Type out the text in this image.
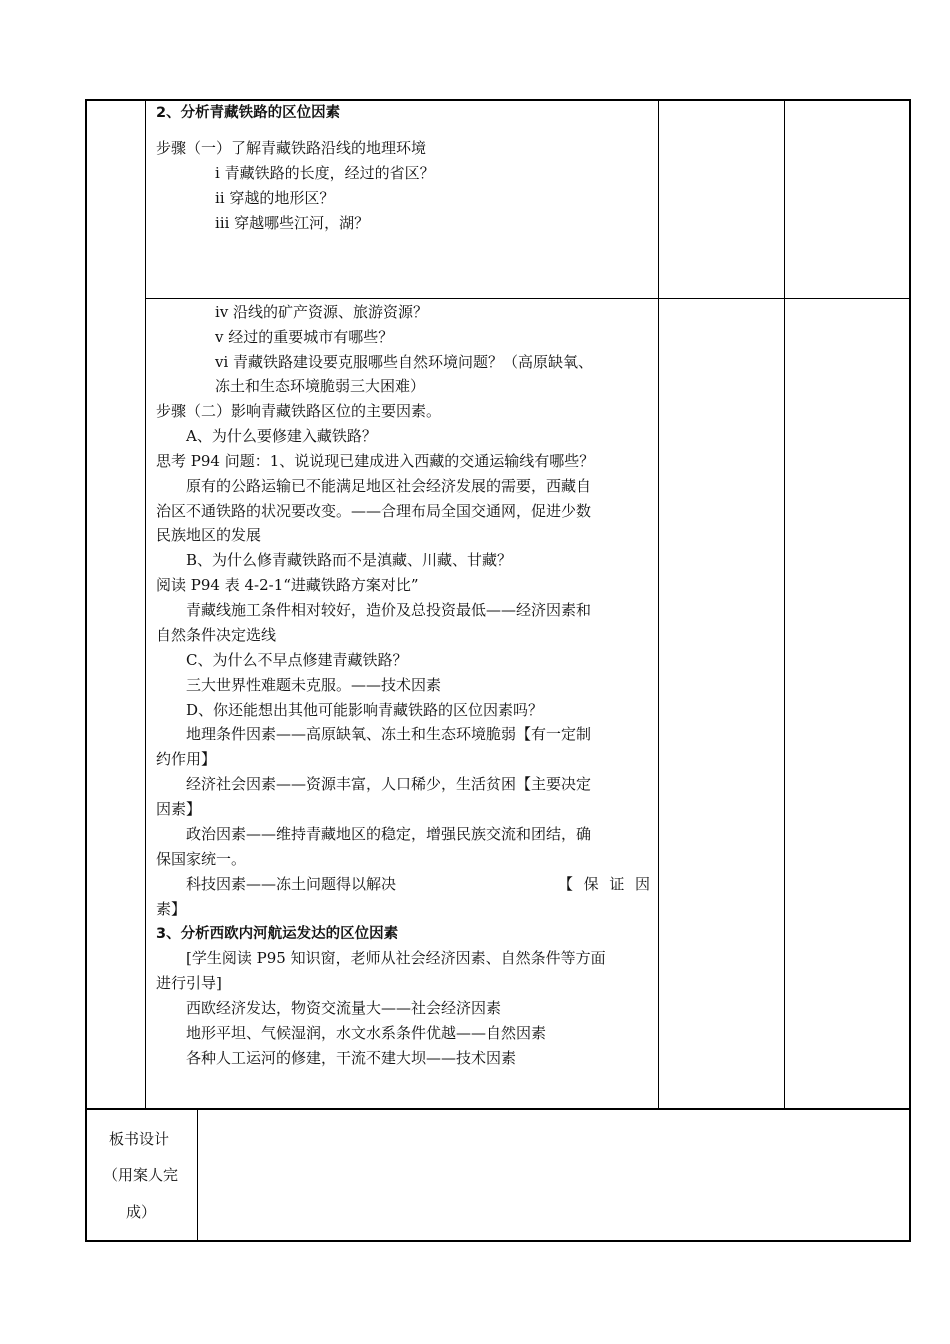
2、分析青藏铁路的区位因素
步骤（一）了解青藏铁路沿线的地理环境
ⅰ 青藏铁路的长度，经过的省区？
ⅱ 穿越的地形区？
ⅲ 穿越哪些江河，湖？
ⅳ 沿线的矿产资源、旅游资源？
ⅴ 经过的重要城市有哪些？
ⅵ 青藏铁路建设要克服哪些自然环境问题？（高原缺氧、
冻土和生态环境脆弱三大困难）
步骤（二）影响青藏铁路区位的主要因素。
A、为什么要修建入藏铁路？
思考 P94 问题：1、说说现已建成进入西藏的交通运输线有哪些？
原有的公路运输已不能满足地区社会经济发展的需要，西藏自
治区不通铁路的状况要改变。——合理布局全国交通网，促进少数
民族地区的发展
B、为什么修青藏铁路而不是滇藏、川藏、甘藏？
阅读 P94 表 4-2-1“进藏铁路方案对比”
青藏线施工条件相对较好，造价及总投资最低——经济因素和
自然条件决定选线
C、为什么不早点修建青藏铁路？
三大世界性难题未克服。——技术因素
D、你还能想出其他可能影响青藏铁路的区位因素吗？
地理条件因素——高原缺氧、冻土和生态环境脆弱【有一定制
约作用】
经济社会因素——资源丰富，人口稀少，生活贫困【主要决定
因素】
政治因素——维持青藏地区的稳定，增强民族交流和团结，确
保国家统一。
科技因素——冻土问题得以解决	【 保 证 因
素】
3、分析西欧内河航运发达的区位因素
[学生阅读 P95 知识窗，老师从社会经济因素、自然条件等方面
进行引导]
西欧经济发达，物资交流量大——社会经济因素
地形平坦、气候湿润，水文水系条件优越——自然因素
各种人工运河的修建，干流不建大坝——技术因素
板书设计
（用案人完
成）
